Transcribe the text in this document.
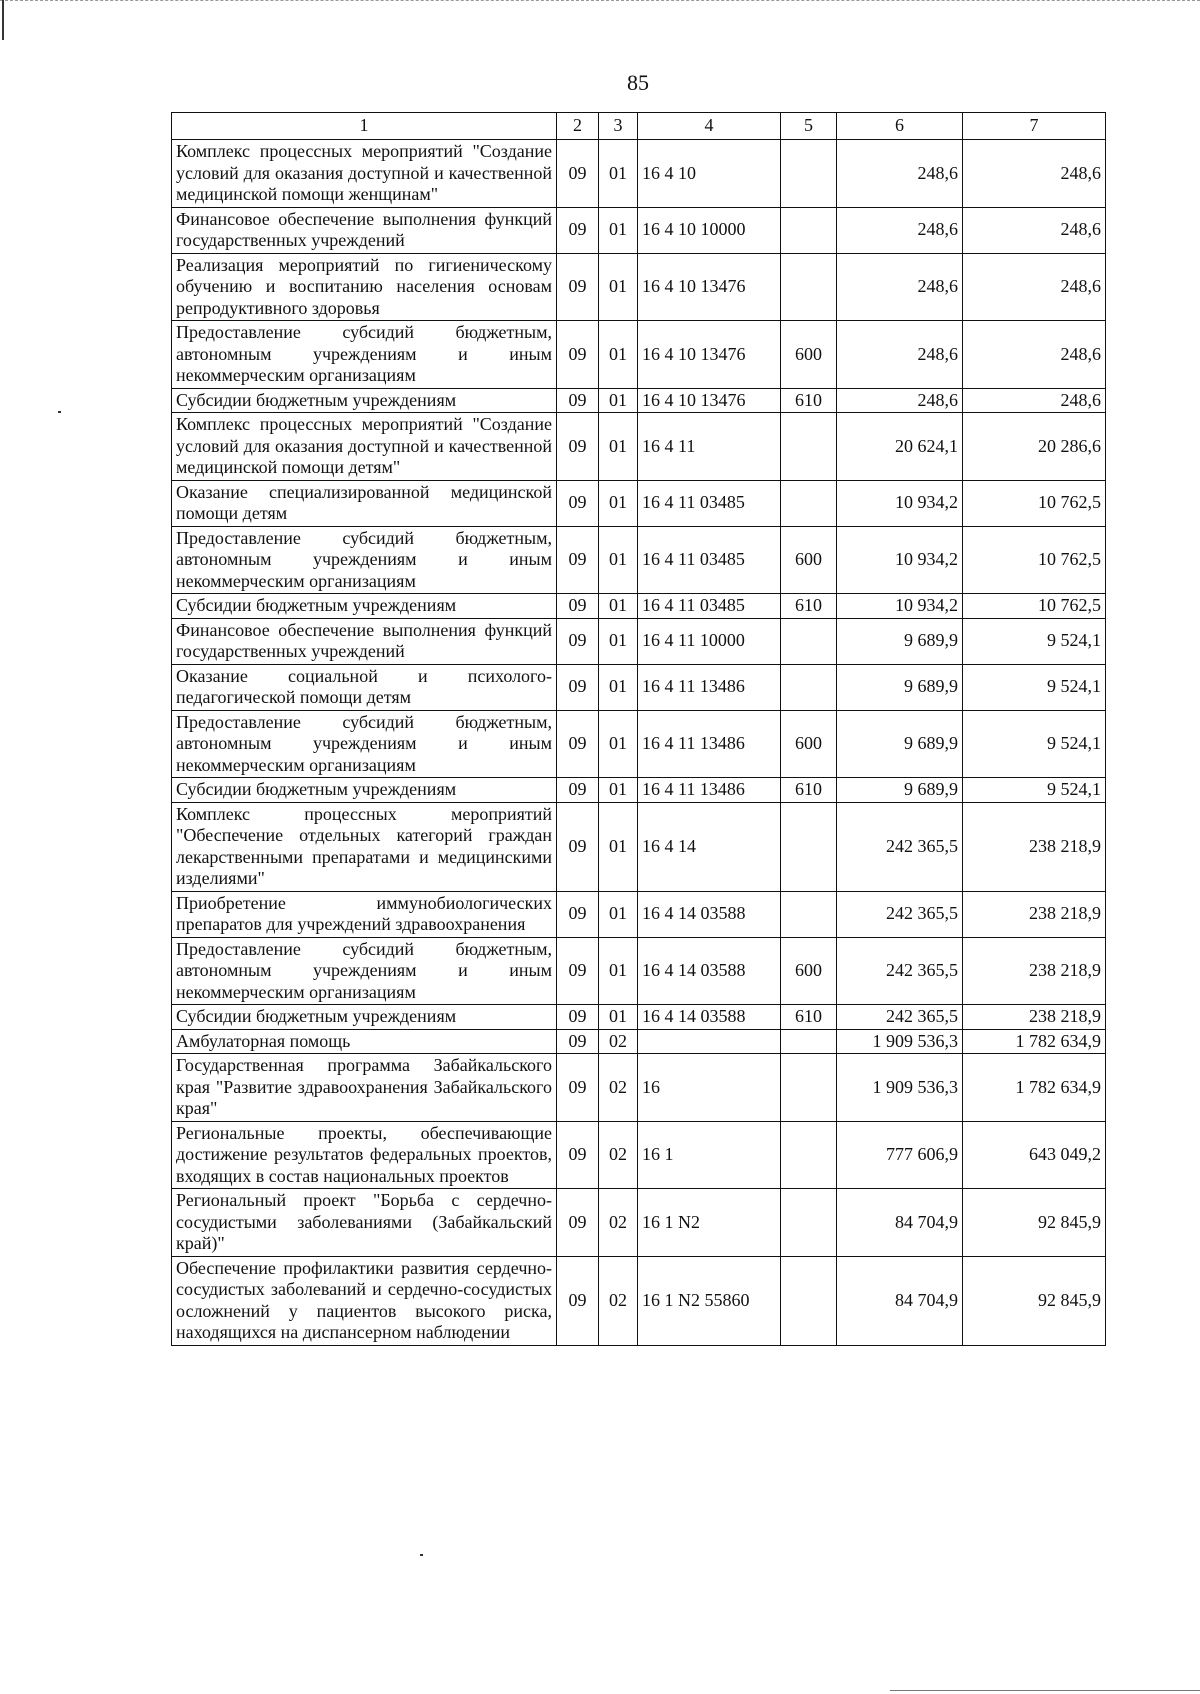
85
1	2	3	4	5	6	7
Комплекс процессных мероприятий "Создание условий для оказания доступной и качественной медицинской помощи женщинам"	09	01	16 4 10		248,6	248,6
Финансовое обеспечение выполнения функций государственных учреждений	09	01	16 4 10 10000		248,6	248,6
Реализация мероприятий по гигиеническому обучению и воспитанию населения основам репродуктивного здоровья	09	01	16 4 10 13476		248,6	248,6
Предоставление субсидий бюджетным, автономным учреждениям и иным некоммерческим организациям	09	01	16 4 10 13476	600	248,6	248,6
Субсидии бюджетным учреждениям	09	01	16 4 10 13476	610	248,6	248,6
Комплекс процессных мероприятий "Создание условий для оказания доступной и качественной медицинской помощи детям"	09	01	16 4 11		20 624,1	20 286,6
Оказание специализированной медицинской помощи детям	09	01	16 4 11 03485		10 934,2	10 762,5
Предоставление субсидий бюджетным, автономным учреждениям и иным некоммерческим организациям	09	01	16 4 11 03485	600	10 934,2	10 762,5
Субсидии бюджетным учреждениям	09	01	16 4 11 03485	610	10 934,2	10 762,5
Финансовое обеспечение выполнения функций государственных учреждений	09	01	16 4 11 10000		9 689,9	9 524,1
Оказание социальной и психолого-педагогической помощи детям	09	01	16 4 11 13486		9 689,9	9 524,1
Предоставление субсидий бюджетным, автономным учреждениям и иным некоммерческим организациям	09	01	16 4 11 13486	600	9 689,9	9 524,1
Субсидии бюджетным учреждениям	09	01	16 4 11 13486	610	9 689,9	9 524,1
Комплекс процессных мероприятий "Обеспечение отдельных категорий граждан лекарственными препаратами и медицинскими изделиями"	09	01	16 4 14		242 365,5	238 218,9
Приобретение иммунобиологических препаратов для учреждений здравоохранения	09	01	16 4 14 03588		242 365,5	238 218,9
Предоставление субсидий бюджетным, автономным учреждениям и иным некоммерческим организациям	09	01	16 4 14 03588	600	242 365,5	238 218,9
Субсидии бюджетным учреждениям	09	01	16 4 14 03588	610	242 365,5	238 218,9
Амбулаторная помощь	09	02			1 909 536,3	1 782 634,9
Государственная программа Забайкальского края "Развитие здравоохранения Забайкальского края"	09	02	16		1 909 536,3	1 782 634,9
Региональные проекты, обеспечивающие достижение результатов федеральных проектов, входящих в состав национальных проектов	09	02	16 1		777 606,9	643 049,2
Региональный проект "Борьба с сердечно-сосудистыми заболеваниями (Забайкальский край)"	09	02	16 1 N2		84 704,9	92 845,9
Обеспечение профилактики развития сердечно-сосудистых заболеваний и сердечно-сосудистых осложнений у пациентов высокого риска, находящихся на диспансерном наблюдении	09	02	16 1 N2 55860		84 704,9	92 845,9
